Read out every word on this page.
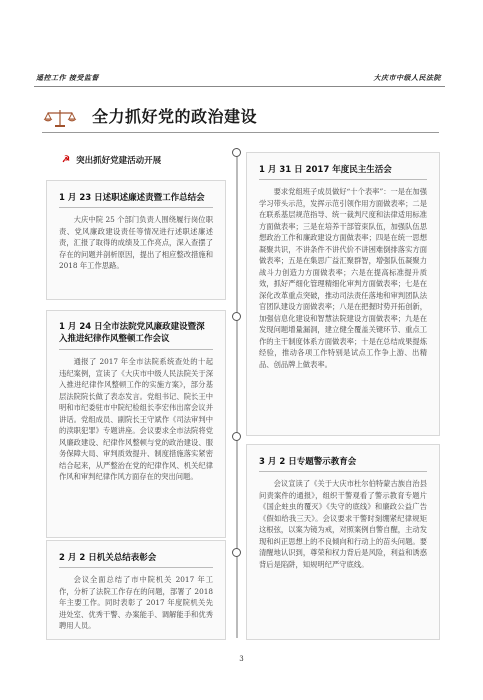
遥控工作 接受监督	大庆市中级人民法院
全力抓好党的政治建设
☭ 突出抓好党建活动开展
1 月 23 日述职述廉述责暨工作总结会
大庆中院 25 个部门负责人围绕履行岗位职责、党风廉政建设责任等情况进行述职述廉述责，汇报了取得的成绩及工作亮点，深入查摆了存在的问题并剖析原因，提出了相应整改措施和 2018 年工作思路。
1 月 24 日全市法院党风廉政建设暨深入推进纪律作风整顿工作会议
通报了 2017 年全市法院系统查处的十起违纪案例，宣读了《大庆市中级人民法院关于深入推进纪律作风整顿工作的实施方案》，部分基层法院院长做了表态发言。党组书记、院长王中明和市纪委驻市中院纪检组长李宏伟出席会议并讲话。党组成员、副院长王守斌作《司法审判中的渎职犯罪》专题讲座。会议要求全市法院将党风廉政建设、纪律作风整顿与党的政治建设、服务保障大局、审判质效提升、制度措施落实紧密结合起来，从严整治在党的纪律作风、机关纪律作风和审判纪律作风方面存在的突出问题。
2 月 2 日机关总结表彰会
会议全面总结了市中院机关 2017 年工作，分析了法院工作存在的问题，部署了 2018 年主要工作。同时表彰了 2017 年度院机关先进处室、优秀干警、办案能手、调解能手和优秀聘用人员。
1 月 31 日 2017 年度民主生活会
要求党组班子成员做好“十个表率”：一是在加强学习带头示范，发挥示范引领作用方面做表率；二是在联系基层规范指导、统一裁判尺度和法律适用标准方面做表率；三是在培养干部管束队伍，加强队伍思想政治工作和廉政建设方面做表率；四是在统一思想凝聚共识，不讲条件不讲代价不讲困难倒排落实方面做表率；五是在集思广益汇聚群智，增强队伍凝聚力战斗力创造力方面做表率；六是在提高标准提升质效，抓好严细化管理精细化审判方面做表率；七是在深化改革重点突破，推动司法责任落地和审判团队法官团队建设方面做表率；八是在把握时势开拓创新，加强信息化建设和智慧法院建设方面做表率；九是在发现问题增量漏洞，建立健全覆盖关键环节、重点工作的主干制度体系方面做表率；十是在总结成果提炼经验，推动各项工作特别是试点工作争上游、出精品、创品牌上做表率。
3 月 2 日专题警示教育会
会议宣读了《关于大庆市杜尔伯特蒙古族自治县问责案件的通报》，组织干警观看了警示教育专题片《国企蛀虫的覆灭》《失守的底线》和廉政公益广告《假如给我三天》。会议要求干警时刻绷紧纪律规矩这根弦，以案为镜为戒，对照案例自警自醒，主动发现和纠正思想上的不良倾向和行动上的苗头问题。要清醒地认识到，尊荣和权力背后是风险，利益和诱惑背后是陷阱，知规明纪严守底线。
3
